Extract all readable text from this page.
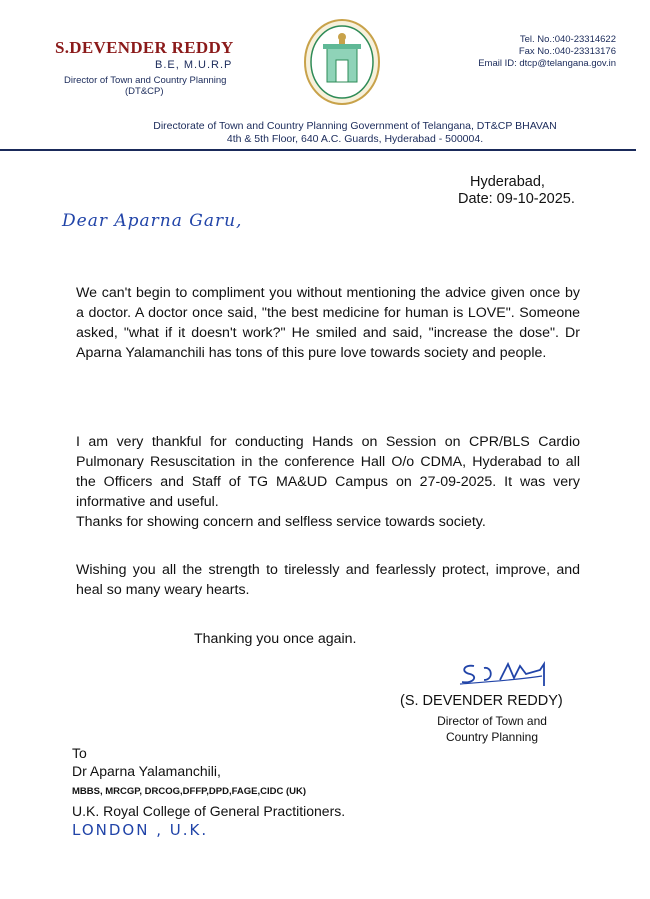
S.DEVENDER REDDY
B.E, M.U.R.P
Director of Town and Country Planning
(DT&CP)
Tel. No.:040-23314622
Fax No.:040-23313176
Email ID: dtcp@telangana.gov.in
Directorate of Town and Country Planning Government of Telangana, DT&CP BHAVAN
4th & 5th Floor, 640 A.C. Guards, Hyderabad - 500004.
Hyderabad,
Date: 09-10-2025.
Dear Aparna Garu,
We can't begin to compliment you without mentioning the advice given once by a doctor. A doctor once said, "the best medicine for human is LOVE". Someone asked, "what if it doesn't work?" He smiled and said, "increase the dose". Dr Aparna Yalamanchili has tons of this pure love towards society and people.
I am very thankful for conducting Hands on Session on CPR/BLS Cardio Pulmonary Resuscitation in the conference Hall O/o CDMA, Hyderabad to all the Officers and Staff of TG MA&UD Campus on 27-09-2025. It was very informative and useful.
Thanks for showing concern and selfless service towards society.
Wishing you all the strength to tirelessly and fearlessly protect, improve, and heal so many weary hearts.
Thanking you once again.
(S. DEVENDER REDDY)
Director of Town and
Country Planning
To
Dr Aparna Yalamanchili,
MBBS, MRCGP, DRCOG,DFFP,DPD,FAGE,CIDC (UK)
U.K. Royal College of General Practitioners.
LONDON , U.K.
